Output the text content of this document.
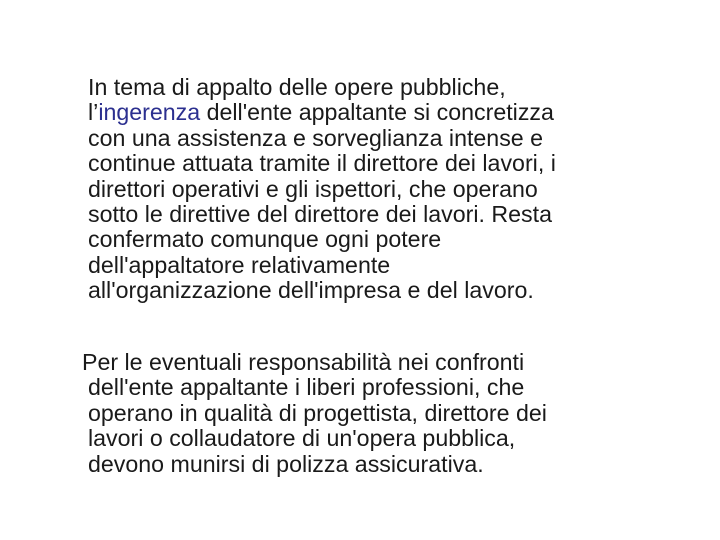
In tema di appalto delle opere pubbliche,
l’ingerenza dell'ente appaltante si concretizza
con una assistenza e sorveglianza intense e
continue attuata tramite il direttore dei lavori, i
direttori operativi e gli ispettori, che operano
sotto le direttive del direttore dei lavori. Resta
confermato comunque ogni potere
dell'appaltatore relativamente
all'organizzazione dell'impresa e del lavoro.

Per le eventuali responsabilità nei confronti
dell'ente appaltante i liberi professioni, che
operano in qualità di progettista, direttore dei
lavori o collaudatore di un'opera pubblica,
devono munirsi di polizza assicurativa.
